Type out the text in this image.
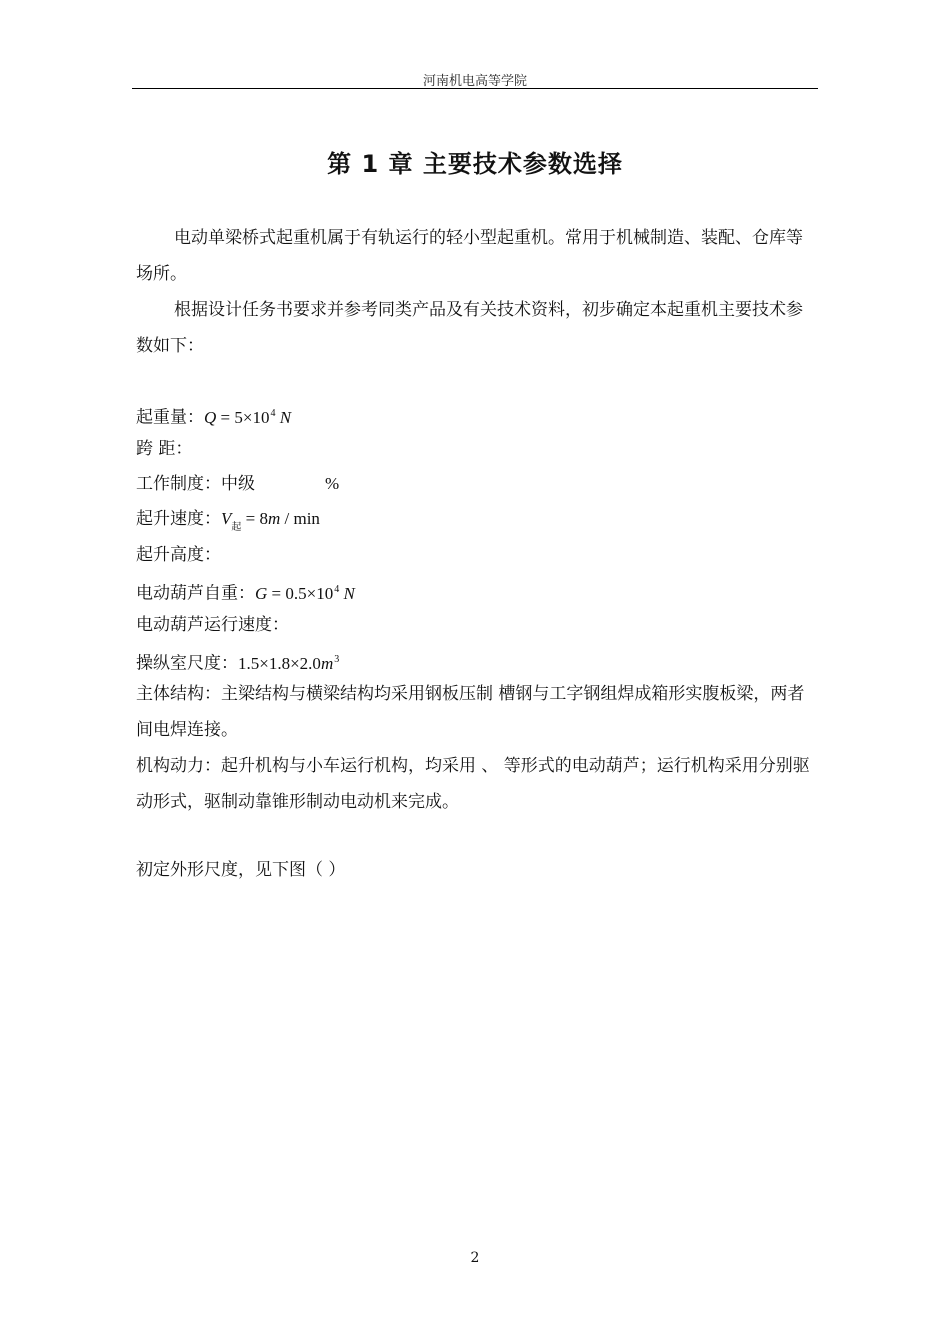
河南机电高等学院
第 1 章 主要技术参数选择
电动单梁桥式起重机属于有轨运行的轻小型起重机。常用于机械制造、装配、仓库等场所。
根据设计任务书要求并参考同类产品及有关技术资料，初步确定本起重机主要技术参数如下：
起重量：$Q = 5\times 10^4$ N
跨 距：
工作制度：中级	%
起升速度：$V_起 = 8m / \min$
起升高度：
电动葫芦自重：$G = 0.5\times 10^4$ N
电动葫芦运行速度：
操纵室尺度：$1.5\times 1.8\times 2.0m^3$
主体结构：主梁结构与横梁结构均采用钢板压制 槽钢与工字钢组焊成箱形实腹板梁，两者间电焊连接。
机构动力：起升机构与小车运行机构，均采用 、 等形式的电动葫芦；运行机构采用分别驱动形式，驱制动靠锥形制动电动机来完成。
初定外形尺度，见下图（ ）
2
